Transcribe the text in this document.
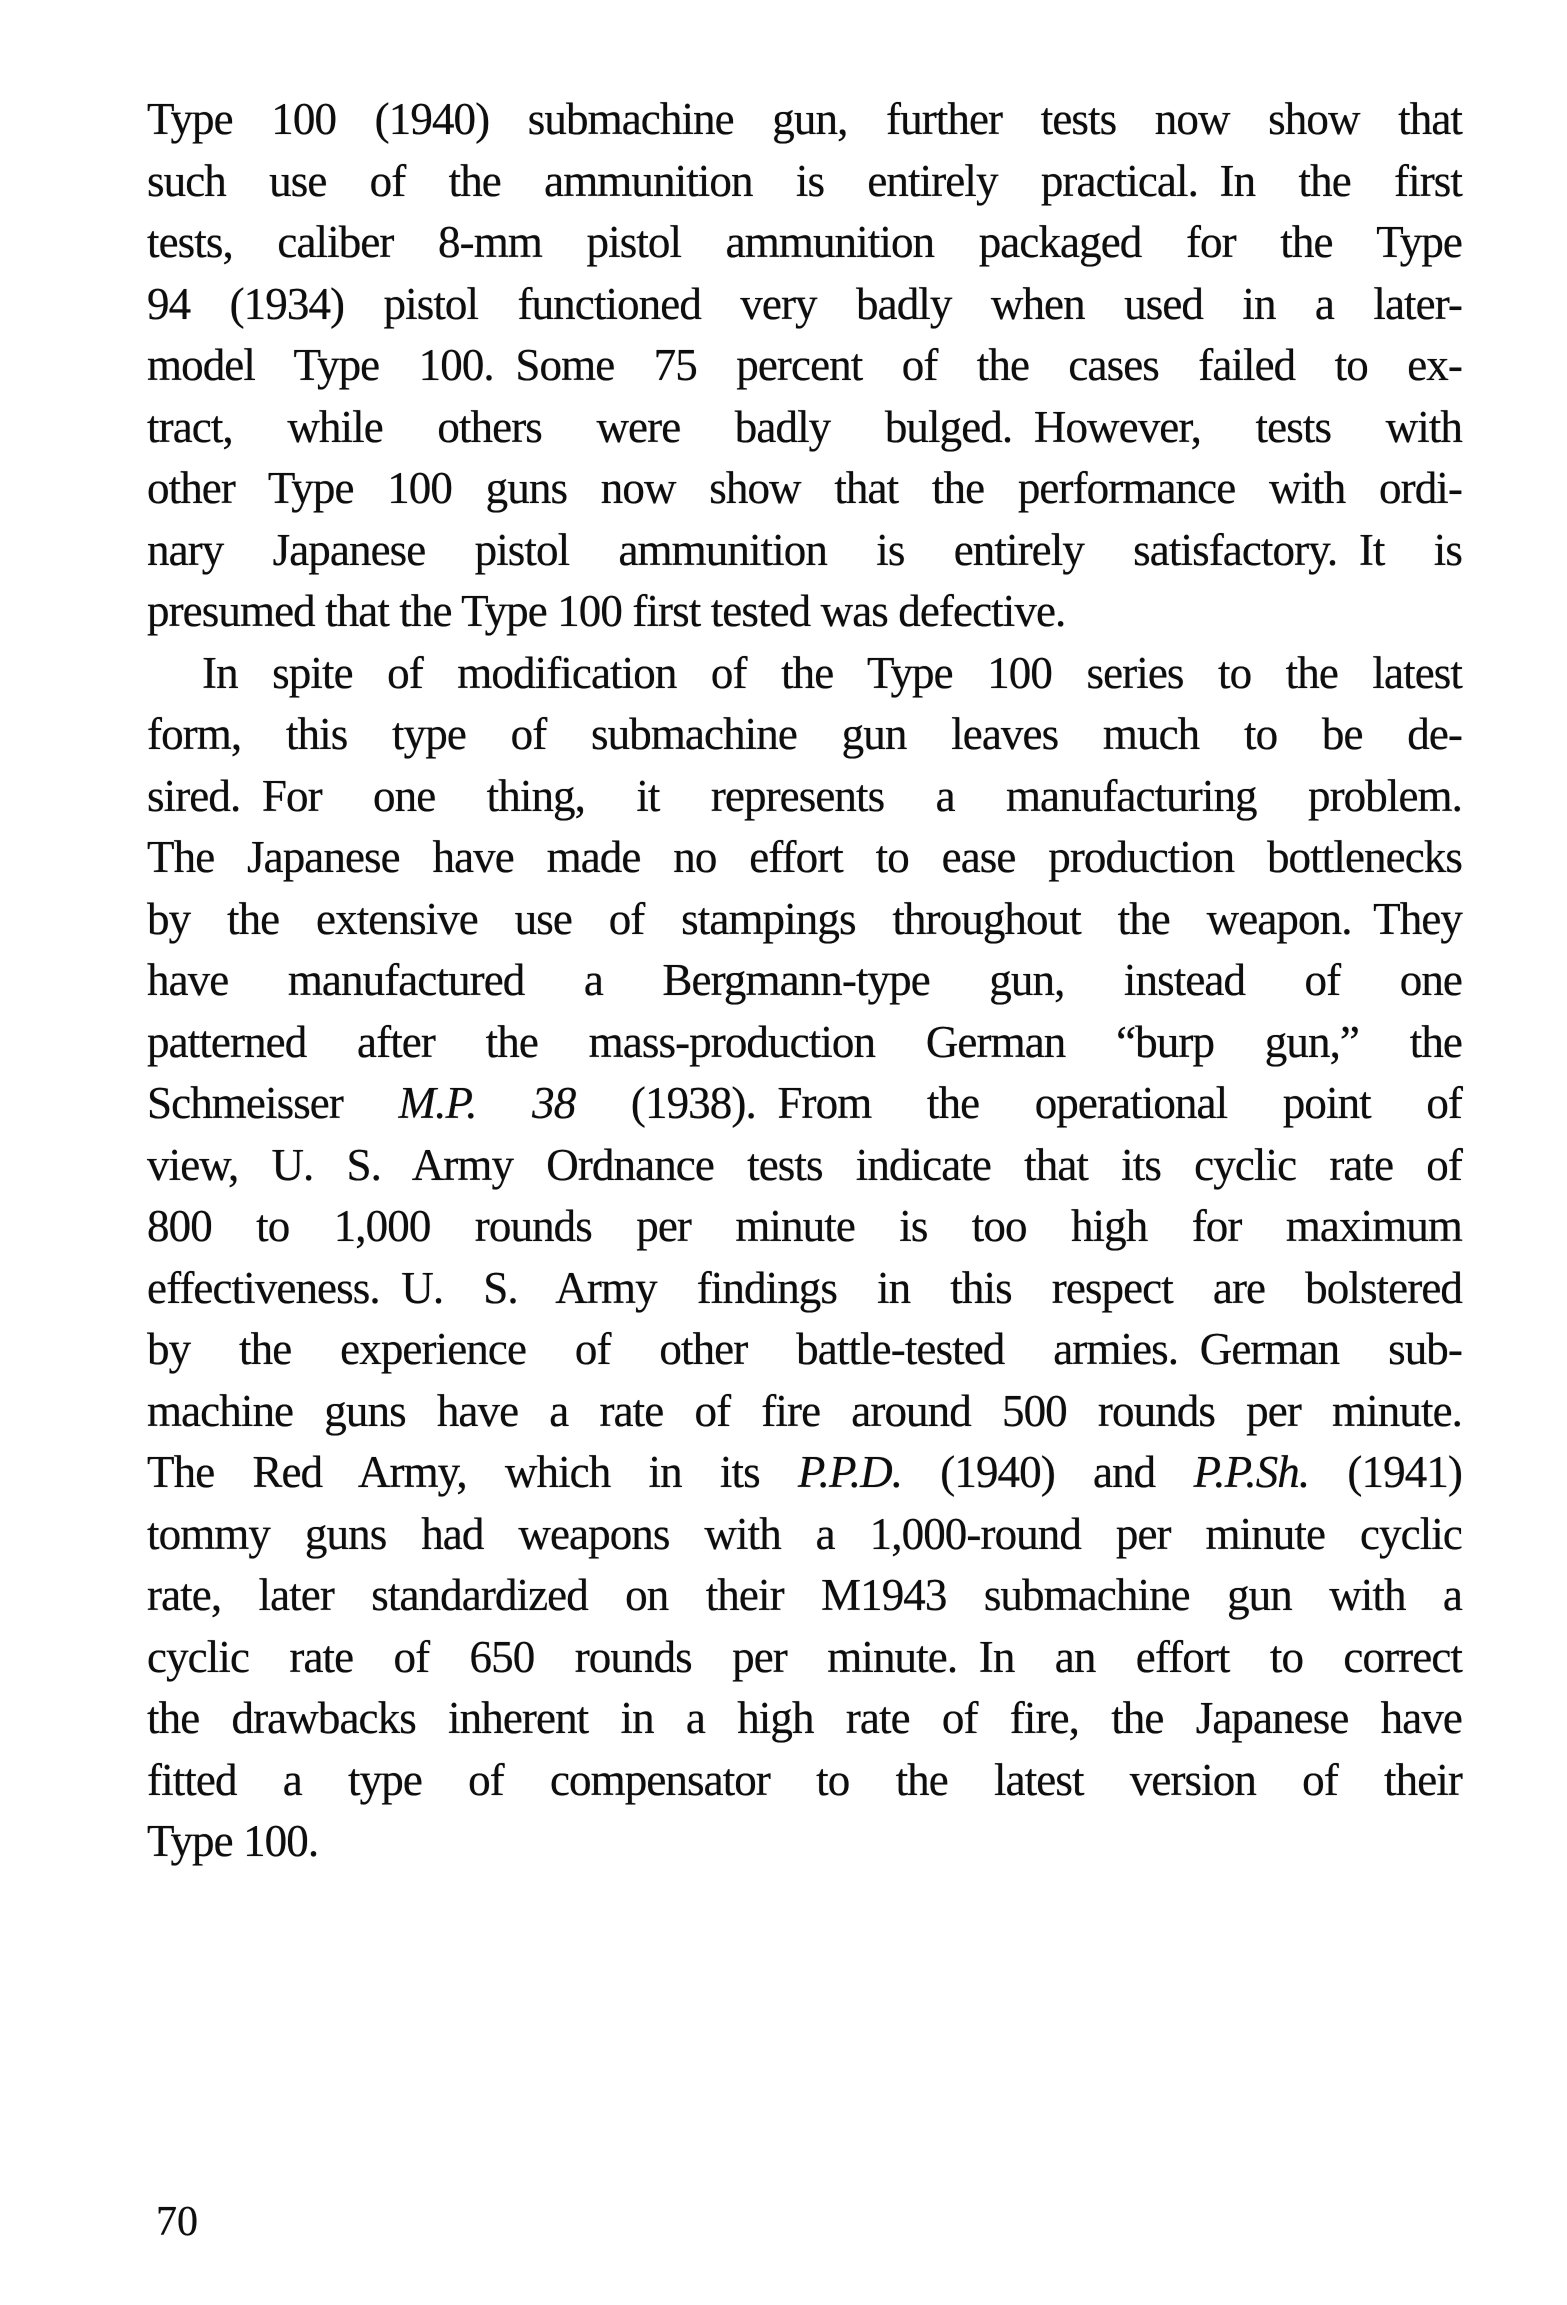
Type 100 (1940) submachine gun, further tests now show that
such use of the ammunition is entirely practical. In the first
tests, caliber 8-mm pistol ammunition packaged for the Type
94 (1934) pistol functioned very badly when used in a later-
model Type 100. Some 75 percent of the cases failed to ex-
tract, while others were badly bulged. However, tests with
other Type 100 guns now show that the performance with ordi-
nary Japanese pistol ammunition is entirely satisfactory. It is
presumed that the Type 100 first tested was defective.
In spite of modification of the Type 100 series to the latest
form, this type of submachine gun leaves much to be de-
sired. For one thing, it represents a manufacturing problem.
The Japanese have made no effort to ease production bottlenecks
by the extensive use of stampings throughout the weapon. They
have manufactured a Bergmann-type gun, instead of one
patterned after the mass-production German “burp gun,” the
Schmeisser M.P. 38 (1938). From the operational point of
view, U. S. Army Ordnance tests indicate that its cyclic rate of
800 to 1,000 rounds per minute is too high for maximum
effectiveness. U. S. Army findings in this respect are bolstered
by the experience of other battle-tested armies. German sub-
machine guns have a rate of fire around 500 rounds per minute.
The Red Army, which in its P.P.D. (1940) and P.P.Sh. (1941)
tommy guns had weapons with a 1,000-round per minute cyclic
rate, later standardized on their M1943 submachine gun with a
cyclic rate of 650 rounds per minute. In an effort to correct
the drawbacks inherent in a high rate of fire, the Japanese have
fitted a type of compensator to the latest version of their
Type 100.
70
